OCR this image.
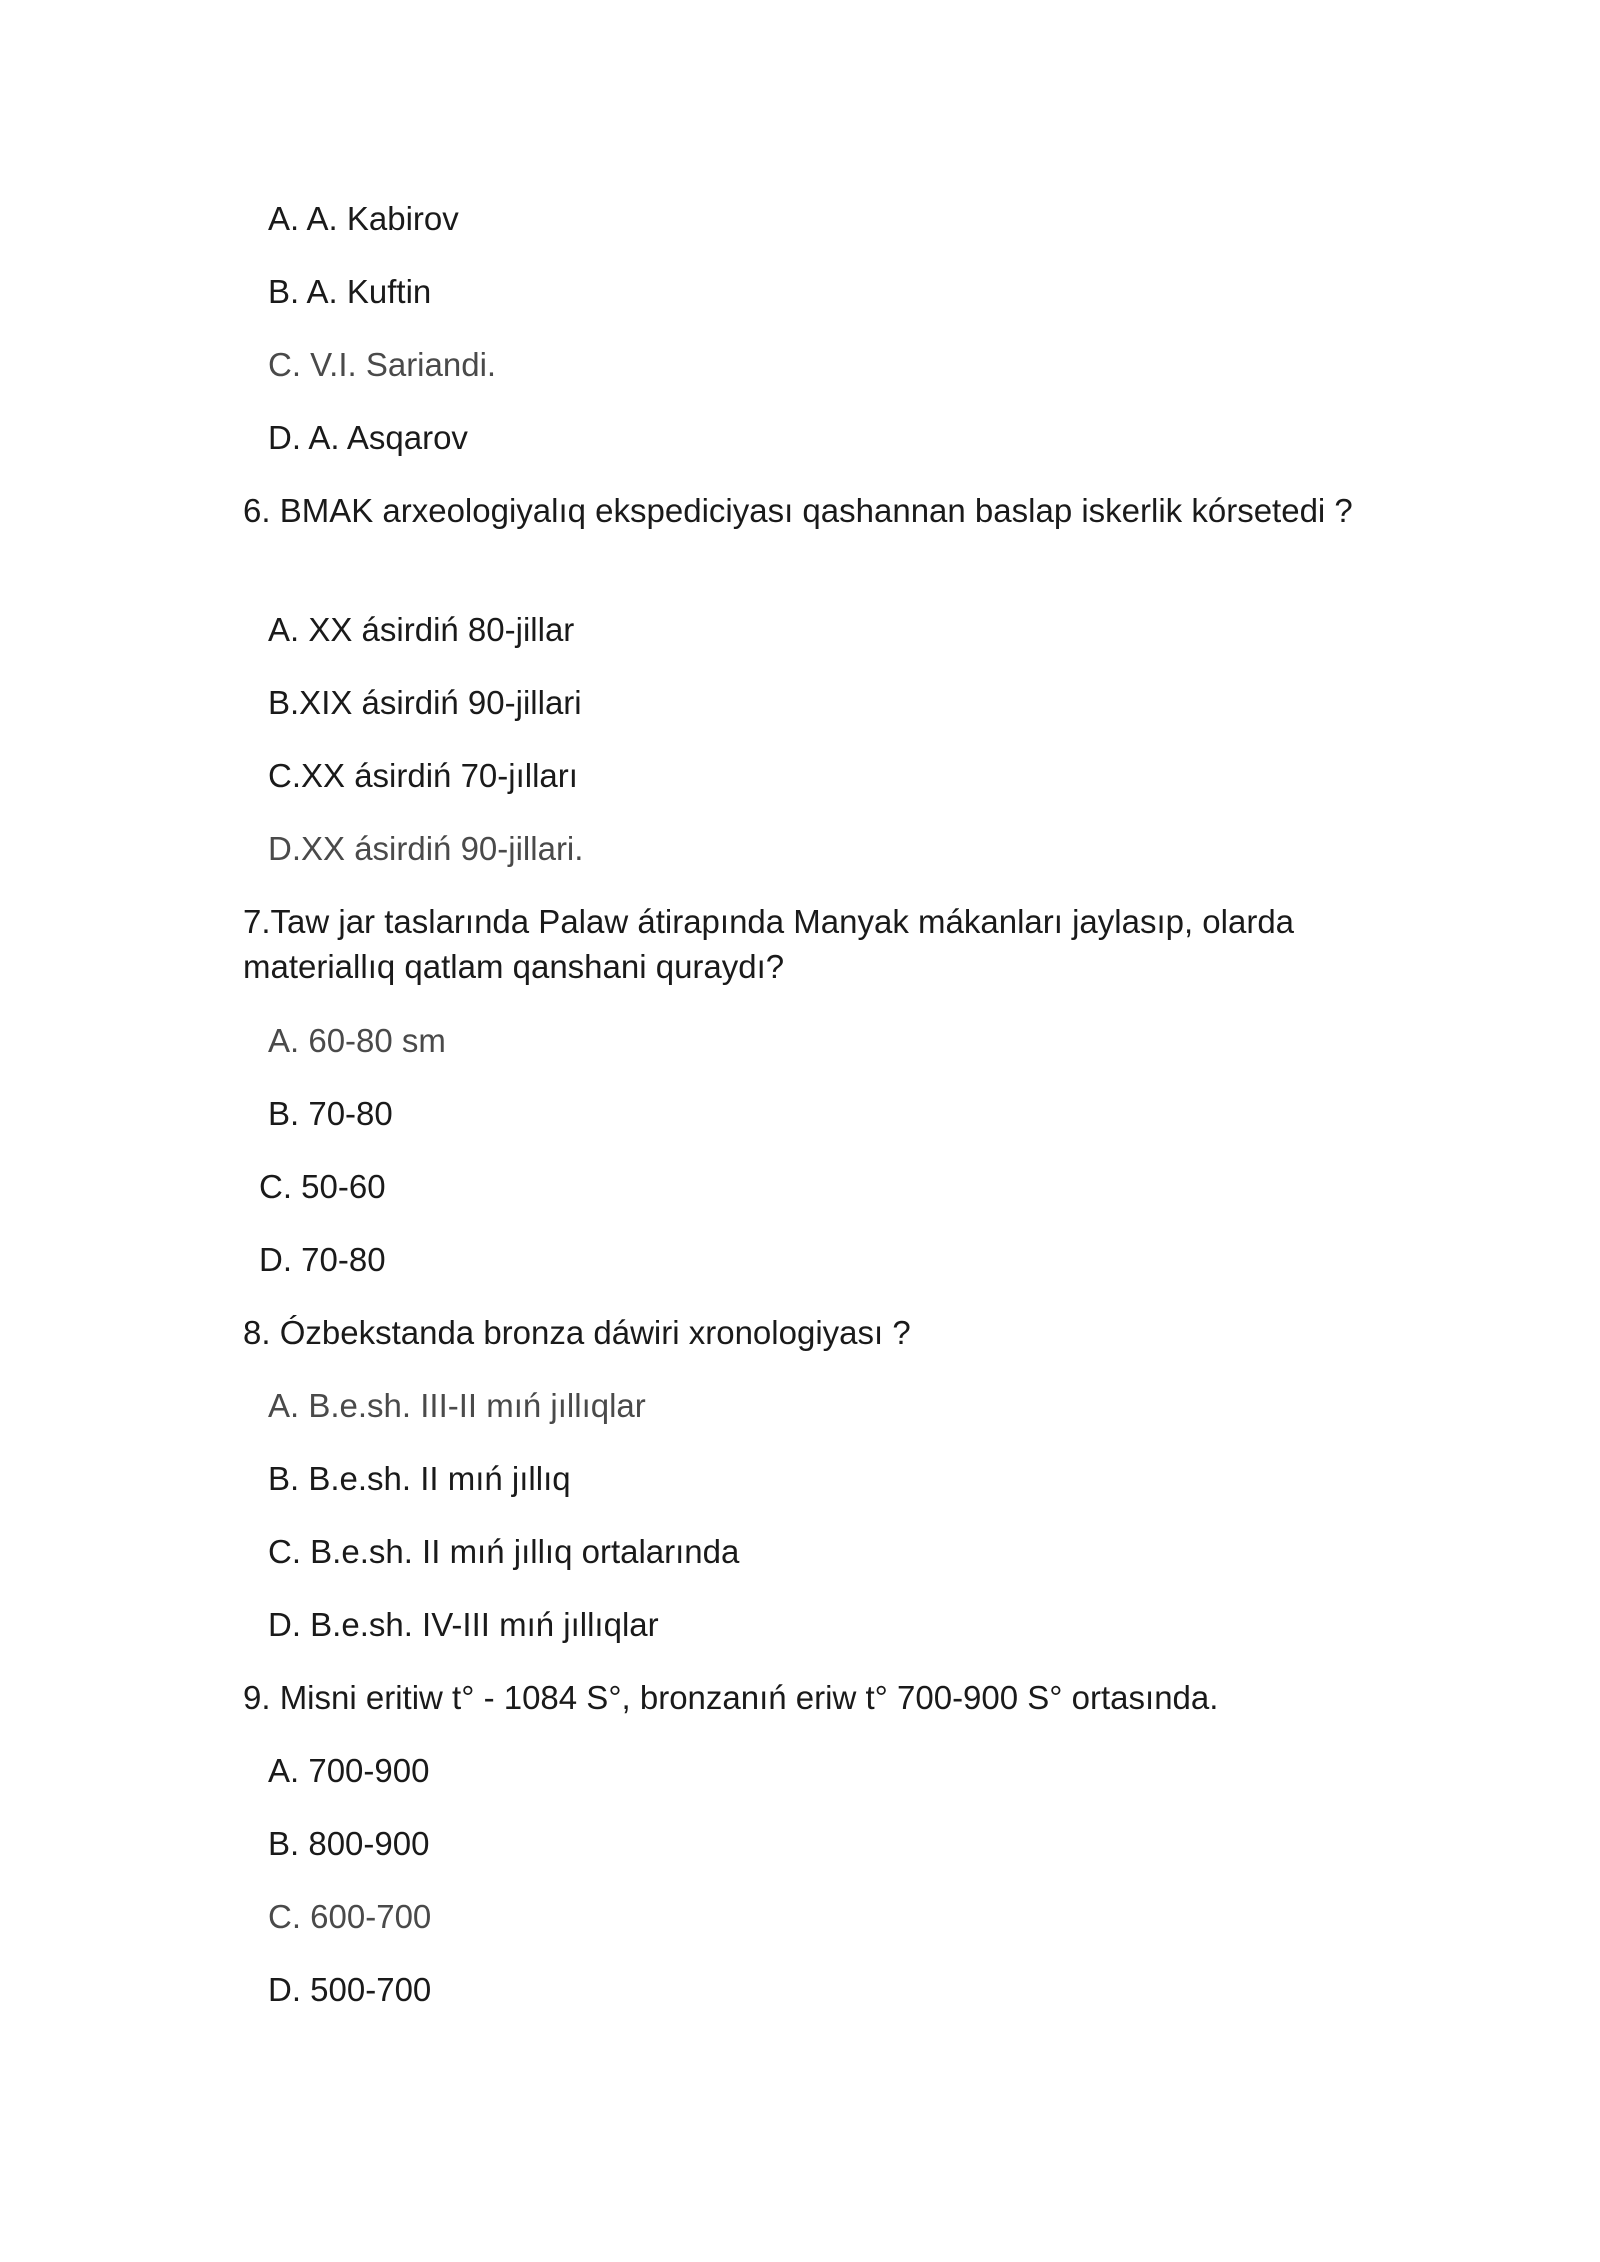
A. A. Kabirov

B. A. Kuftin

C. V.I. Sariandi.

D. A. Asqarov

6. BMAK arxeologiyalıq ekspediciyası qashannan baslap iskerlik kórsetedi ?

A. XX ásirdiń 80-jillar

B.XIX ásirdiń 90-jillari

C.XX ásirdiń 70-jılları

D.XX ásirdiń 90-jillari.

7.Taw jar taslarında Palaw átirapında Manyak mákanları jaylasıp, olarda materiallıq qatlam qanshani quraydı?

A. 60-80 sm

B. 70-80

C. 50-60

D. 70-80

8. Ózbekstanda bronza dáwiri xronologiyası ?

A. B.e.sh. III-II mıń jıllıqlar

B. B.e.sh. II mıń jıllıq

C. B.e.sh. II mıń jıllıq ortalarında

D. B.e.sh. IV-III mıń jıllıqlar

9. Misni eritiw t° - 1084 S°, bronzanıń eriw t° 700-900 S° ortasında.

A. 700-900

B. 800-900

C. 600-700

D. 500-700
